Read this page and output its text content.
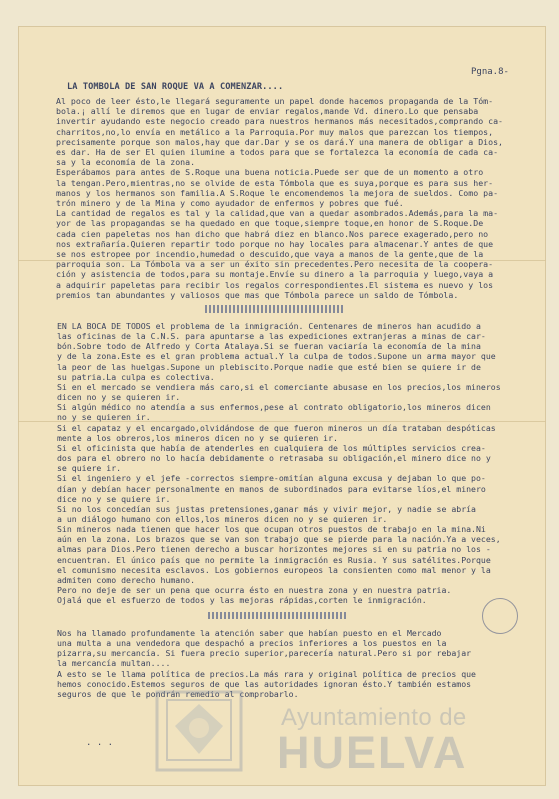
Pgna.8-
LA TOMBOLA DE SAN ROQUE VA A COMENZAR....
Al poco de leer ésto,le llegará seguramente un papel donde hacemos propaganda de la Tóm-
bola.¡ allí le diremos que en lugar de enviar regalos,mande Vd. dinero.Lo que pensaba
invertir ayudando este negocio creado para nuestros hermanos más necesitados,comprando ca-
charritos,no,lo envía en metálico a la Parroquia.Por muy malos que parezcan los tiempos,
precisamente porque son malos,hay que dar.Dar y se os dará.Y una manera de obligar a Dios,
es dar. Ha de ser El quien ilumine a todos para que se fortalezca la economía de cada ca-
sa y la economía de la zona.
Esperábamos para antes de S.Roque una buena noticia.Puede ser que de un momento a otro
la tengan.Pero,mientras,no se olvide de esta Tómbola que es suya,porque es para sus her-
manos y los hermanos son familia.A S.Roque le encomendemos la mejora de sueldos. Como pa-
trón minero y de la Mina y como ayudador de enfermos y pobres que fué.
La cantidad de regalos es tal y la calidad,que van a quedar asombrados.Además,para la ma-
yor de las propagandas se ha quedado en que toque,siempre toque,en honor de S.Roque.De
cada cien papeletas nos han dicho que habrá diez en blanco.Nos parece exagerado,pero no
nos extrañaría.Quieren repartir todo porque no hay locales para almacenar.Y antes de que
se nos estropee por incendio,humedad o descuido,que vaya a manos de la gente,que de la
parroquia son. La Tómbola va a ser un éxito sin precedentes.Pero necesita de la coopera-
ción y asistencia de todos,para su montaje.Envíe su dinero a la parroquia y luego,vaya a
a adquirir papeletas para recibir los regalos correspondientes.El sistema es nuevo y los
premios tan abundantes y valiosos que mas que Tómbola parece un saldo de Tómbola.
EN LA BOCA DE TODOS el problema de la inmigración. Centenares de mineros han acudido a
las oficinas de la C.N.S. para apuntarse a las expediciones extranjeras a minas de car-
bón.Sobre todo de Alfredo y Corta Atalaya.Si se fueran vaciaría la economía de la mina
y de la zona.Este es el gran problema actual.Y la culpa de todos.Supone un arma mayor que
la peor de las huelgas.Supone un plebiscito.Porque nadie que esté bien se quiere ir de
su patria.La culpa es colectiva.
Si en el mercado se vendiera más caro,si el comerciante abusase en los precios,los mineros
dicen no y se quieren ir.
Si algún médico no atendía a sus enfermos,pese al contrato obligatorio,los mineros dicen
no y se quieren ir.
Si el capataz y el encargado,olvidándose de que fueron mineros un día trataban despóticas
mente a los obreros,los mineros dicen no y se quieren ir.
Si el oficinista que había de atenderles en cualquiera de los múltiples servicios crea-
dos para el obrero no lo hacía debidamente o retrasaba su obligación,el minero dice no y
se quiere ir.
Si el ingeniero y el jefe -correctos siempre-omitían alguna excusa y dejaban lo que po-
dían y debían hacer personalmente en manos de subordinados para evitarse líos,el minero
dice no y se quiere ir.
Si no los concedían sus justas pretensiones,ganar más y vivir mejor, y nadie se abría
a un diálogo humano con ellos,los mineros dicen no y se quieren ir.
Sin mineros nada tienen que hacer los que ocupan otros puestos de trabajo en la mina.Ni
aún en la zona. Los brazos que se van son trabajo que se pierde para la nación.Ya a veces,
almas para Dios.Pero tienen derecho a buscar horizontes mejores si en su patria no los -
encuentran. El único país que no permite la inmigración es Rusia. Y sus satélites.Porque
el comunismo necesita esclavos. Los gobiernos europeos la consienten como mal menor y la
admiten como derecho humano.
Pero no deje de ser un pena que ocurra ésto en nuestra zona y en nuestra patria.
Ojalá que el esfuerzo de todos y las mejoras rápidas,corten le inmigración.
Nos ha llamado profundamente la atención saber que habían puesto en el Mercado
una multa a una vendedora que despachó a precios inferiores a los puestos en la
pizarra,su mercancía. Si fuera precio superior,parecería natural.Pero si por rebajar
la mercancía multan....
A esto se le llama política de precios.La más rara y original política de precios que
hemos conocido.Estemos seguros de que las autoridades ignoran ésto.Y también estamos
seguros de que le pondrán remedio al comprobarlo.
. . .
Ayuntamiento de
HUELVA
